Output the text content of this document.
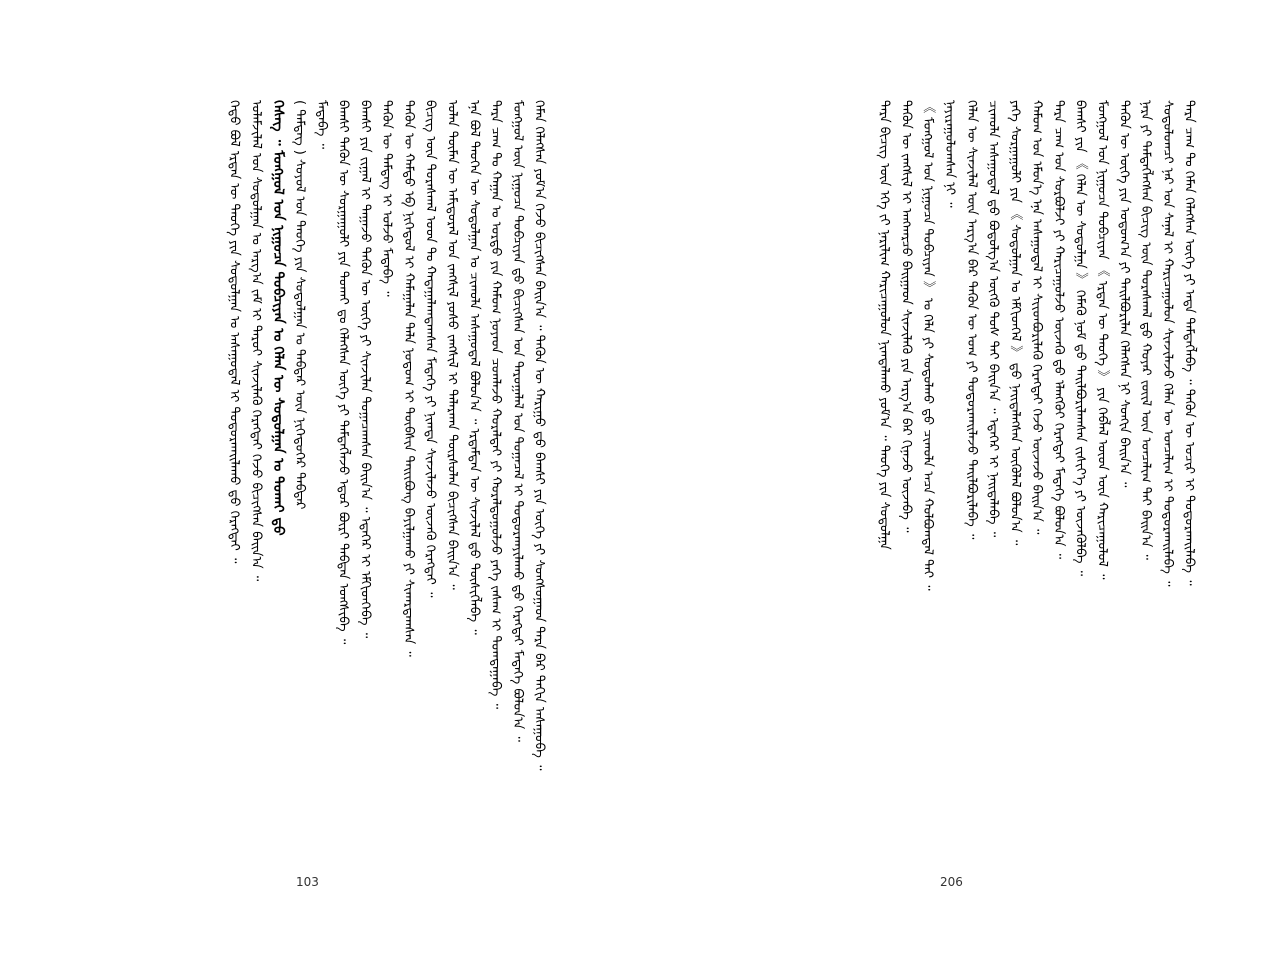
ᠬᠡᠮᠡᠨ ᠬᠡᠯᠡᠭᠰᠡᠨ ᠶᠤᠮ᠎ᠠ ᠭᠡᠵᠦ ᠪᠢᠴᠢᠭᠰᠡᠨ ᠪᠠᠢᠨ᠎ᠠ ᠃ ᠲᠡᠭᠦᠨ ᠦ ᠬᠠᠷᠢᠭᠤ ᠳ᠋ᠤ ᠪᠠᠭᠰᠢ ᠶᠢᠨ ᠦᠭᠡ ᠶᠢ ᠰᠣᠩᠰᠤᠭᠠᠳ ᠲᠡᠷᠡ ᠪᠠᠷ ᠳᠠᠬᠢᠨ ᠠᠰᠠᠭᠤᠪᠠ ᠃
ᠮᠣᠩᠭᠣᠯ ᠦᠨ ᠨᠢᠭᠤᠴᠠ ᠲᠣᠪᠴᠢᠶᠠᠨ ᠳ᠋ᠤ ᠪᠢᠴᠢᠭᠰᠡᠨ ᠣᠨ ᠳᠠᠷᠤᠭᠠᠯᠠᠯ ᠤᠨ ᠲᠣᠭᠠᠴᠠᠯ ᠢ ᠲᠣᠳᠤᠷᠬᠠᠶᠢᠯᠠᠬᠤ ᠳ᠋ᠤ ᠬᠡᠷᠡᠭᠲᠡᠢ ᠮᠡᠳᠡᠭᠡ ᠪᠣᠯᠤᠨ᠎ᠠ ᠃
ᠲᠡᠷᠡ ᠴᠠᠭ ᠲᠤ ᠬᠠᠭᠠᠨ ᠤ ᠣᠷᠳᠤ ᠶᠢᠨ ᠬᠠᠮᠤᠭ ᠨᠣᠶᠠᠳ ᠴᠤᠭᠯᠠᠵᠤ ᠬᠤᠷᠠᠯᠳᠠᠢ ᠶᠢ ᠬᠤᠷᠠᠯᠳᠤᠭᠤᠯᠵᠤ ᠶᠡᠬᠡ ᠵᠠᠰᠠᠭ ᠢ ᠲᠤᠭᠳᠠᠭᠠᠪᠠ ᠃
ᠡᠨᠡ ᠪᠣᠯ ᠲᠡᠦᠬᠡᠨ ᠦ ᠰᠤᠳᠤᠯᠭᠠᠨ ᠤ ᠴᠢᠬᠤᠯᠠ ᠠᠰᠠᠭᠤᠳᠠᠯ ᠪᠣᠯᠤᠨ᠎ᠠ ᠃ ᠡᠷᠳᠡᠮᠲᠡᠨ ᠦ ᠰᠢᠨᠵᠢᠯᠡᠯ ᠳ᠋ᠤ ᠲᠦᠰᠢᠭᠯᠡᠪᠡ ᠃
ᠣᠯᠠᠨ ᠲᠦᠮᠡᠨ ᠦ ᠠᠮᠢᠳᠤᠷᠠᠯ ᠤᠨ ᠵᠠᠩᠰᠢᠯ ᠶᠣᠰᠤ ᠵᠠᠩᠰᠢᠯ ᠢ ᠲᠠᠯᠠᠷᠬᠠᠨ ᠳᠦᠷᠰᠦᠯᠡᠨ ᠪᠢᠴᠢᠭᠰᠡᠨ ᠪᠠᠢᠨ᠎ᠠ ᠃
ᠪᠢᠴᠢᠭ ᠦᠨ ᠳᠤᠷᠠᠰᠬᠠᠯ ᠤᠳ ᠲᠤ ᠬᠠᠳᠠᠭᠠᠯᠠᠭᠳᠠᠭᠰᠠᠨ ᠮᠡᠳᠡᠭᠡ ᠶᠢ ᠨᠢᠭᠲᠠ ᠰᠢᠨᠵᠢᠯᠡᠵᠦ ᠦᠵᠡᠬᠦ ᠬᠡᠷᠡᠭᠲᠡᠢ ᠃
ᠲᠡᠭᠦᠨ ᠦ ᠬᠠᠮᠲᠤ ᠡᠪ ᠨᠢᠭᠡᠳᠦᠯ ᠢ ᠬᠠᠮᠠᠭᠠᠯᠠᠨ ᠲᠠᠯᠠ ᠨᠤᠲᠤᠭ ᠢ ᠲᠦᠪᠰᠢᠨ ᠳᠠᠢᠢᠪᠤᠩ ᠪᠠᠶᠢᠯᠭᠠᠬᠤ ᠶᠢ ᠰᠢᠬᠠᠷᠳᠠᠭᠰᠠᠨ ᠃
ᠲᠡᠭᠦᠨ ᠦ ᠲᠡᠮᠳᠡᠭ ᠢ ᠣᠯᠵᠤ ᠮᠡᠳᠡᠪᠡ ᠃
ᠪᠠᠭᠰᠢ ᠶᠢᠨ ᠵᠢᠭᠠᠯ ᠢ ᠳᠠᠭᠠᠵᠤ ᠲᠡᠭᠦᠨ ᠦ ᠦᠭᠡ ᠶᠢ ᠰᠢᠨᠵᠢᠯᠡᠨ ᠲᠣᠭᠠᠴᠠᠭᠰᠠᠨ ᠪᠠᠢᠨ᠎ᠠ ᠃ ᠡᠳᠡᠭᠡᠷ ᠢ ᠡᠮᠬᠢᠳᠭᠡᠪᠡ ᠃
ᠪᠠᠭᠰᠢ ᠲᠡᠭᠦᠨ ᠦ ᠰᠤᠷᠭᠠᠭᠤᠯᠢ ᠶᠢᠨ ᠲᠤᠬᠠᠢ ᠳᠤ ᠬᠡᠯᠡᠭᠰᠡᠨ ᠦᠭᠡ ᠶᠢ ᠲᠡᠮᠳᠡᠭᠯᠡᠵᠦ ᠡᠳᠦᠷ ᠪᠦᠷᠢ ᠳᠠᠪᠲᠠᠨ ᠤᠩᠰᠢᠪᠠ ᠃
ᠮᠡᠳᠡᠪᠡ ᠃
( ᠲᠡᠮᠳᠡᠭ ) ᠰᠣᠶᠣᠯ ᠤᠨ ᠲᠡᠦᠬᠡ ᠶᠢᠨ ᠰᠤᠳᠤᠯᠭᠠᠨ ᠤ ᠳᠡᠪᠲᠡᠷ ᠦᠨ ᠨᠢᠭᠡᠳᠦᠭᠡᠷ ᠳᠡᠪᠲᠡᠷ
ᠬᠡᠰᠡᠭ ᠃ ᠮᠣᠩᠭᠣᠯ ᠤᠨ ᠨᠢᠭᠤᠴᠠ ᠲᠣᠪᠴᠢᠶᠠᠨ ᠤ ᠬᠡᠯᠡᠨ ᠦ ᠰᠤᠳᠤᠯᠭᠠᠨ ᠤ ᠲᠤᠬᠠᠢ ᠳ᠋ᠤ
ᠤᠯᠠᠮᠵᠢᠯᠠᠯ ᠤᠨ ᠰᠤᠳᠤᠯᠭᠠᠨ ᠤ ᠠᠷᠭ᠎ᠠ ᠵᠠᠮ ᠢ ᠳᠠᠷᠤᠢ ᠰᠢᠨᠵᠢᠯᠡᠬᠦ ᠬᠡᠷᠡᠭᠲᠡᠢ ᠭᠡᠵᠦ ᠪᠢᠴᠢᠭᠰᠡᠨ ᠪᠠᠢᠨ᠎ᠠ ᠃
ᠬᠡᠳᠦ ᠪᠣᠯ ᠡᠷᠲᠡᠨ ᠦ ᠲᠡᠦᠬᠡ ᠶᠢᠨ ᠰᠤᠳᠤᠯᠭᠠᠨ ᠤ ᠠᠰᠠᠭᠤᠳᠠᠯ ᠢ ᠲᠣᠳᠤᠷᠬᠠᠢᠯᠠᠬᠤ ᠳ᠋ᠤ ᠬᠡᠷᠡᠭᠲᠡᠢ ᠃
103
ᠲᠡᠷᠡ ᠴᠠᠭ ᠲᠤ ᠬᠡᠮᠡᠨ ᠬᠡᠯᠡᠭᠰᠡᠨ ᠦᠭᠡ ᠶᠢ ᠡᠨᠳᠡ ᠲᠡᠮᠳᠡᠭᠯᠡᠪᠡ ᠃ ᠲᠡᠭᠦᠨ ᠦ ᠤᠴᠢᠷ ᠢ ᠲᠣᠳᠤᠷᠬᠠᠢᠯᠠᠪᠠ ᠃
ᠰᠤᠳᠤᠯᠤᠭᠴᠢ ᠨᠠᠷ ᠤᠨ ᠰᠠᠨᠠᠯ ᠢ ᠬᠠᠷᠢᠴᠠᠭᠤᠯᠤᠨ ᠰᠢᠨᠵᠢᠯᠡᠵᠦ ᠬᠡᠯᠡᠨ ᠦ ᠣᠨᠴᠠᠯᠢᠭ ᠢ ᠲᠣᠳᠤᠷᠬᠠᠢᠯᠠᠪᠠ ᠃
ᠨᠡᠷᠡ ᠶᠢ ᠲᠡᠮᠳᠡᠭᠯᠡᠭᠰᠡᠨ ᠪᠢᠴᠢᠭ ᠦᠨ ᠳᠤᠷᠠᠰᠬᠠᠯ ᠳ᠋ᠤ ᠬᠣᠶᠠᠷ ᠵᠦᠢᠯ ᠦᠨ ᠣᠨᠴᠠᠯᠢᠭ ᠲᠠᠢ ᠪᠠᠢᠨ᠎ᠠ ᠃
ᠲᠡᠭᠦᠨ ᠦ ᠦᠭᠡ ᠶᠢᠨ ᠤᠲᠤᠭ᠎ᠠ ᠶᠢ ᠲᠠᠢᠯᠪᠤᠷᠢᠯᠠᠨ ᠬᠡᠯᠡᠭᠰᠡᠨ ᠨᠢ ᠰᠣᠩᠢᠨ ᠪᠠᠢᠨ᠎ᠠ ᠃
ᠮᠣᠩᠭᠣᠯ ᠤᠨ ᠨᠢᠭᠤᠴᠠ ᠲᠣᠪᠴᠢᠶᠠᠨ 《 ᠡᠷᠲᠡᠨ ᠦ ᠲᠡᠦᠬᠡ 》 ᠶᠢᠨ ᠬᠡᠪᠯᠡᠯ ᠦᠳ ᠦᠨ ᠬᠠᠷᠢᠴᠠᠭᠤᠯᠤᠯ ᠃
ᠪᠠᠭᠰᠢ ᠶᠢᠨ 《 ᠬᠡᠯᠡᠨ ᠦ ᠰᠤᠳᠤᠯᠭᠠ 》 ᠬᠡᠮᠡᠬᠦ ᠨᠣᠮ ᠳ᠋ᠤ ᠲᠠᠢᠯᠪᠤᠷᠢᠯᠠᠭᠰᠠᠨ ᠵᠢᠱᠢᠶ᠎ᠡ ᠶᠢ ᠦᠵᠡᠭᠦᠯᠪᠡ ᠃
ᠲᠡᠷᠡ ᠴᠠᠭ ᠤᠨ ᠰᠤᠷᠪᠤᠯᠵᠢ ᠶᠢ ᠬᠠᠷᠢᠴᠠᠭᠤᠯᠵᠤ ᠦᠵᠡᠬᠦ ᠳ᠋ᠤ ᠡᠯᠡᠩᠭᠦᠢ ᠬᠡᠷᠡᠭᠲᠡᠢ ᠮᠡᠳᠡᠭᠡ ᠪᠣᠯᠤᠨ᠎ᠠ ᠃
ᠬᠠᠮᠤᠭ ᠤᠨ ᠡᠮᠦᠨ᠎ᠡ ᠡᠨᠡ ᠠᠰᠠᠭᠤᠳᠠᠯ ᠢ ᠰᠢᠢᠳᠪᠦᠷᠢᠯᠡᠬᠦ ᠬᠡᠷᠡᠭᠲᠡᠢ ᠭᠡᠵᠦ ᠦᠵᠡᠵᠦ ᠪᠠᠢᠨ᠎ᠠ ᠃
ᠶᠡᠬᠡ ᠰᠤᠷᠭᠠᠭᠤᠯᠢ ᠶᠢᠨ 《 ᠰᠤᠳᠤᠯᠭᠠᠨ ᠤ ᠡᠮᠬᠢᠳᠬᠡᠯ 》 ᠳ᠋ᠤ ᠨᠡᠢᠲᠡᠯᠡᠭᠰᠡᠨ ᠥᠭᠦᠯᠡᠯ ᠪᠣᠯᠤᠨ᠎ᠠ ᠃
ᠴᠢᠬᠤᠯᠠ ᠠᠰᠠᠭᠤᠳᠠᠯ ᠳ᠋ᠤ ᠪᠤᠳᠤᠯᠭ᠎ᠠ ᠦᠭᠬᠦ ᠲᠤᠰ ᠲᠠᠢ ᠪᠠᠢᠨ᠎ᠠ ᠃ ᠡᠳᠡᠭᠡᠷ ᠢ ᠨᠡᠢᠲᠡᠯᠡᠪᠡ ᠃
ᠬᠡᠯᠡᠨ ᠦ ᠰᠢᠨᠵᠢᠯᠡᠯ ᠦᠨ ᠠᠷᠭ᠎ᠠ ᠪᠠᠷ ᠲᠡᠭᠦᠨ ᠦ ᠤᠭ ᠶᠢ ᠲᠣᠳᠤᠷᠬᠠᠢᠯᠠᠵᠤ ᠲᠠᠢᠯᠪᠤᠷᠢᠯᠠᠪᠠ ᠃
ᠨᠠᠶᠢᠷᠠᠭᠤᠯᠤᠭᠰᠠᠨ ᠨᠢ ᠃
《 ᠮᠣᠩᠭᠣᠯ ᠤᠨ ᠨᠢᠭᠤᠴᠠ ᠲᠣᠪᠴᠢᠶᠠᠨ 》 ᠤ ᠬᠡᠯᠡ ᠶᠢ ᠰᠤᠳᠤᠯᠬᠤ ᠳ᠋ᠤ ᠴᠢᠬᠤᠯᠠ ᠠᠴᠠ ᠬᠣᠯᠪᠣᠭᠳᠠᠯ ᠲᠠᠢ ᠃
ᠲᠡᠭᠦᠨ ᠦ ᠵᠠᠩᠰᠢᠯ ᠢ ᠠᠩᠬᠠᠷᠴᠤ ᠪᠠᠢᠭᠠᠳ ᠰᠢᠨᠵᠢᠯᠡᠬᠦ ᠶᠢᠨ ᠠᠷᠭ᠎ᠠ ᠪᠡᠷ ᠬᠢᠨᠠᠵᠤ ᠦᠵᠡᠪᠡ ᠃
ᠲᠡᠷᠡ ᠪᠢᠴᠢᠭ ᠦᠨ ᠡᠬᠡ ᠵᠢ ᠨᠠᠷᠢᠯᠢᠭ ᠬᠠᠷᠢᠴᠠᠭᠤᠯᠤᠨ ᠨᠢᠭᠲᠠᠯᠠᠬᠤ ᠶᠤᠮ᠎ᠠ ᠃ ᠲᠡᠦᠬᠡ ᠶᠢᠨ ᠰᠤᠳᠤᠯᠭᠠ
206
